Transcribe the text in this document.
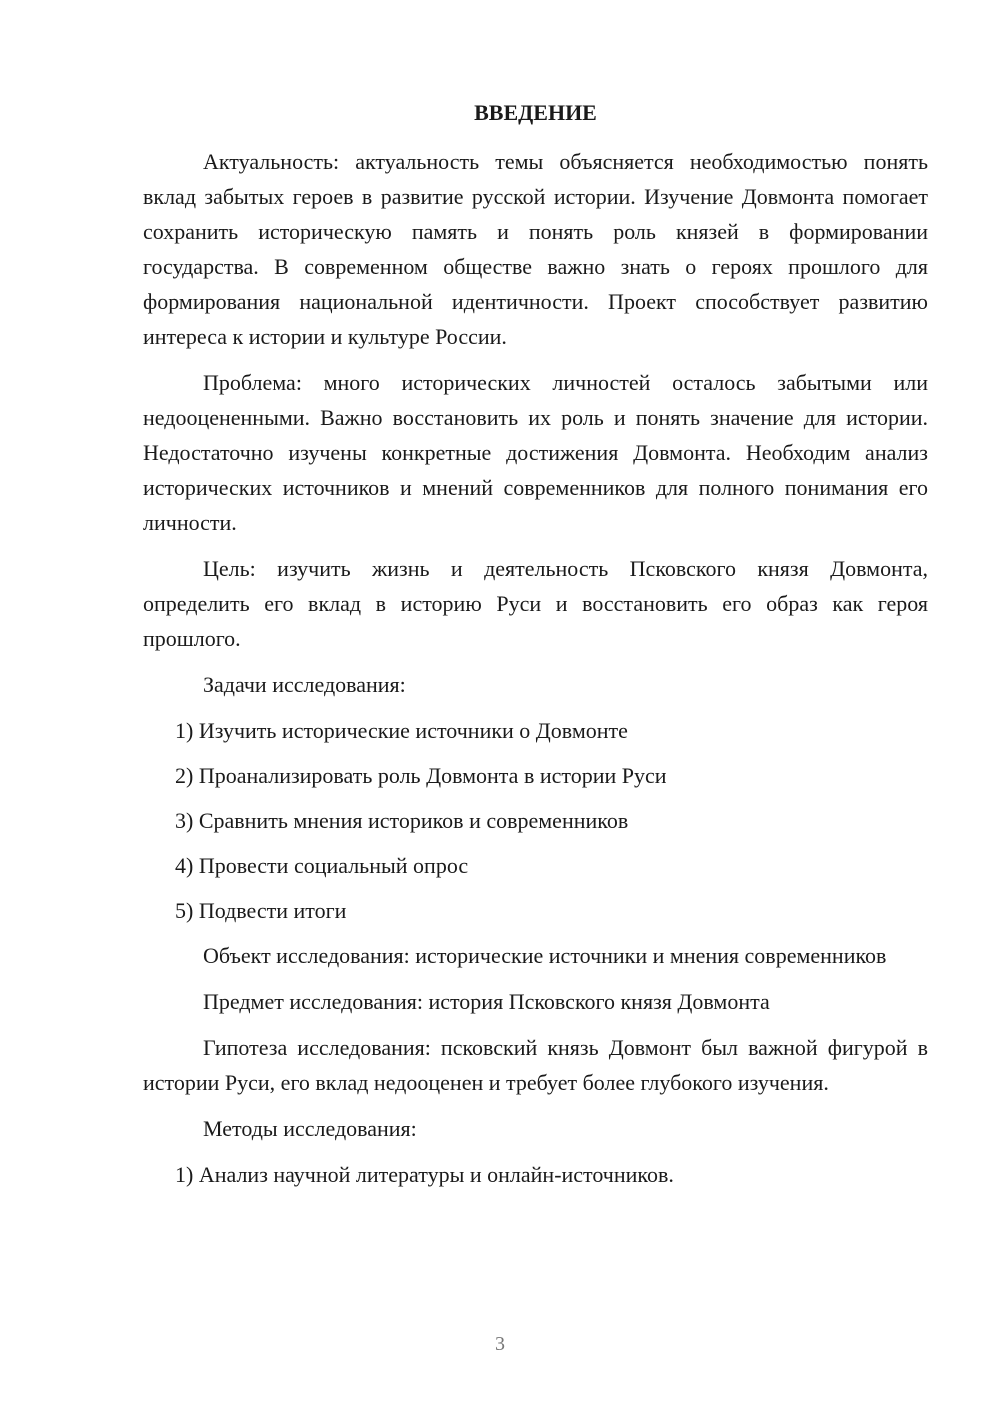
ВВЕДЕНИЕ

Актуальность: актуальность темы объясняется необходимостью понять вклад забытых героев в развитие русской истории. Изучение Довмонта помогает сохранить историческую память и понять роль князей в формировании государства. В современном обществе важно знать о героях прошлого для формирования национальной идентичности. Проект способствует развитию интереса к истории и культуре России.

Проблема: много исторических личностей осталось забытыми или недооцененными. Важно восстановить их роль и понять значение для истории. Недостаточно изучены конкретные достижения Довмонта. Необходим анализ исторических источников и мнений современников для полного понимания его личности.

Цель: изучить жизнь и деятельность Псковского князя Довмонта, определить его вклад в историю Руси и восстановить его образ как героя прошлого.

Задачи исследования:

1) Изучить исторические источники о Довмонте
2) Проанализировать роль Довмонта в истории Руси
3) Сравнить мнения историков и современников
4) Провести социальный опрос
5) Подвести итоги

Объект исследования: исторические источники и мнения современников

Предмет исследования: история Псковского князя Довмонта

Гипотеза исследования: псковский князь Довмонт был важной фигурой в истории Руси, его вклад недооценен и требует более глубокого изучения.

Методы исследования:

1) Анализ научной литературы и онлайн-источников.
3
